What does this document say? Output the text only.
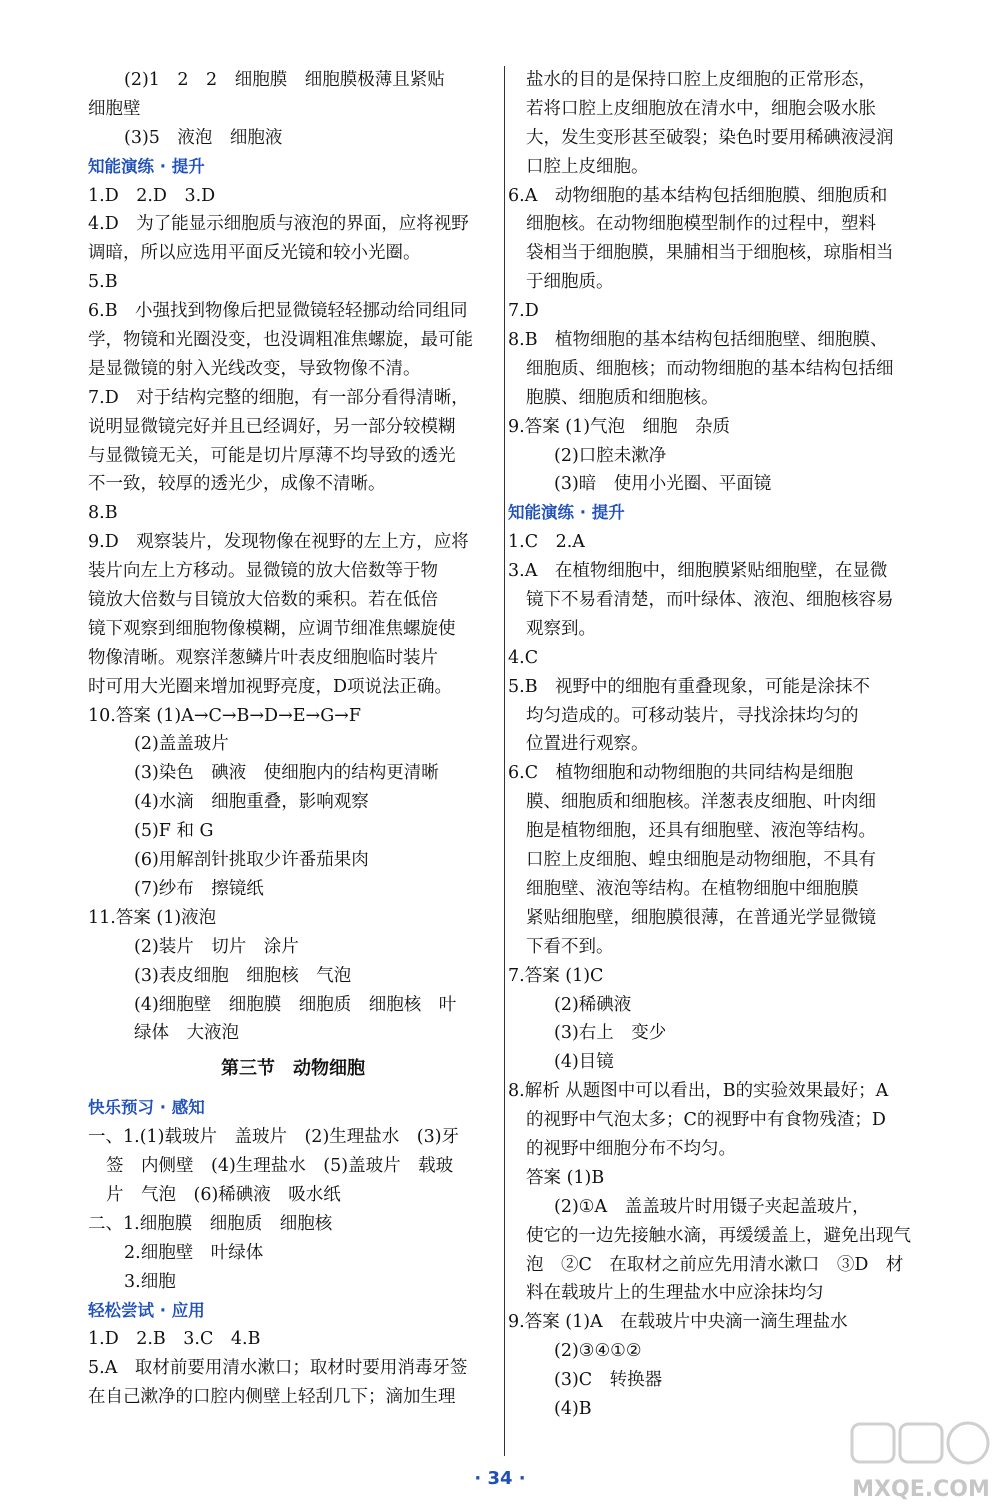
(2)1　2　2　细胞膜　细胞膜极薄且紧贴
细胞壁
(3)5　液泡　细胞液
知能演练 · 提升
1.D　2.D　3.D
4.D　为了能显示细胞质与液泡的界面，应将视野
调暗，所以应选用平面反光镜和较小光圈。
5.B
6.B　小强找到物像后把显微镜轻轻挪动给同组同
学，物镜和光圈没变，也没调粗准焦螺旋，最可能
是显微镜的射入光线改变，导致物像不清。
7.D　对于结构完整的细胞，有一部分看得清晰，
说明显微镜完好并且已经调好，另一部分较模糊
与显微镜无关，可能是切片厚薄不均导致的透光
不一致，较厚的透光少，成像不清晰。
8.B
9.D　观察装片，发现物像在视野的左上方，应将
装片向左上方移动。显微镜的放大倍数等于物
镜放大倍数与目镜放大倍数的乘积。若在低倍
镜下观察到细胞物像模糊，应调节细准焦螺旋使
物像清晰。观察洋葱鳞片叶表皮细胞临时装片
时可用大光圈来增加视野亮度，D项说法正确。
10.答案 (1)A→C→B→D→E→G→F
(2)盖盖玻片
(3)染色　碘液　使细胞内的结构更清晰
(4)水滴　细胞重叠，影响观察
(5)F 和 G
(6)用解剖针挑取少许番茄果肉
(7)纱布　擦镜纸
11.答案 (1)液泡
(2)装片　切片　涂片
(3)表皮细胞　细胞核　气泡
(4)细胞壁　细胞膜　细胞质　细胞核　叶
绿体　大液泡
第三节　动物细胞
快乐预习 · 感知
一、1.(1)载玻片　盖玻片　(2)生理盐水　(3)牙
签　内侧壁　(4)生理盐水　(5)盖玻片　载玻
片　气泡　(6)稀碘液　吸水纸
二、1.细胞膜　细胞质　细胞核
2.细胞壁　叶绿体
3.细胞
轻松尝试 · 应用
1.D　2.B　3.C　4.B
5.A　取材前要用清水漱口；取材时要用消毒牙签
在自己漱净的口腔内侧壁上轻刮几下；滴加生理
盐水的目的是保持口腔上皮细胞的正常形态，
若将口腔上皮细胞放在清水中，细胞会吸水胀
大，发生变形甚至破裂；染色时要用稀碘液浸润
口腔上皮细胞。
6.A　动物细胞的基本结构包括细胞膜、细胞质和
细胞核。在动物细胞模型制作的过程中，塑料
袋相当于细胞膜，果脯相当于细胞核，琼脂相当
于细胞质。
7.D
8.B　植物细胞的基本结构包括细胞壁、细胞膜、
细胞质、细胞核；而动物细胞的基本结构包括细
胞膜、细胞质和细胞核。
9.答案 (1)气泡　细胞　杂质
(2)口腔未漱净
(3)暗　使用小光圈、平面镜
知能演练 · 提升
1.C　2.A
3.A　在植物细胞中，细胞膜紧贴细胞壁，在显微
镜下不易看清楚，而叶绿体、液泡、细胞核容易
观察到。
4.C
5.B　视野中的细胞有重叠现象，可能是涂抹不
均匀造成的。可移动装片，寻找涂抹均匀的
位置进行观察。
6.C　植物细胞和动物细胞的共同结构是细胞
膜、细胞质和细胞核。洋葱表皮细胞、叶肉细
胞是植物细胞，还具有细胞壁、液泡等结构。
口腔上皮细胞、蝗虫细胞是动物细胞，不具有
细胞壁、液泡等结构。在植物细胞中细胞膜
紧贴细胞壁，细胞膜很薄，在普通光学显微镜
下看不到。
7.答案 (1)C
(2)稀碘液
(3)右上　变少
(4)目镜
8.解析 从题图中可以看出，B的实验效果最好；A
的视野中气泡太多；C的视野中有食物残渣；D
的视野中细胞分布不均匀。
答案 (1)B
(2)①A　盖盖玻片时用镊子夹起盖玻片，
使它的一边先接触水滴，再缓缓盖上，避免出现气
泡　②C　在取材之前应先用清水漱口　③D　材
料在载玻片上的生理盐水中应涂抹均匀
9.答案 (1)A　在载玻片中央滴一滴生理盐水
(2)③④①②
(3)C　转换器
(4)B
· 34 ·	MXQE.COM
